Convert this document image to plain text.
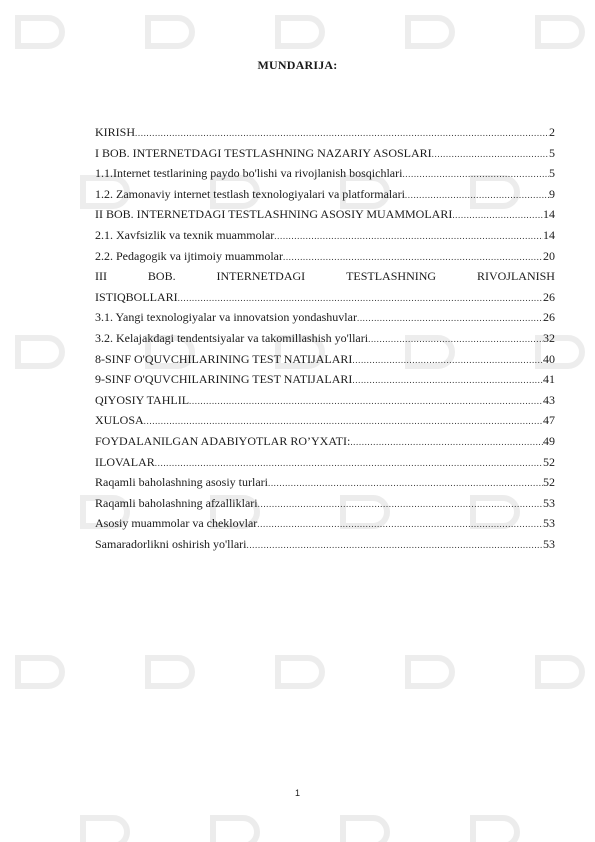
MUNDARIJA:
KIRISH .....	2
I BOB. INTERNETDAGI TESTLASHNING NAZARIY ASOSLARI .....	5
1.1.Internet testlarining paydo bo'lishi va rivojlanish bosqichlari .....	5
1.2. Zamonaviy internet testlash texnologiyalari va platformalari .....	9
II BOB. INTERNETDAGI TESTLASHNING ASOSIY MUAMMOLARI .....	14
2.1. Xavfsizlik va texnik muammolar .....	14
2.2. Pedagogik va ijtimoiy muammolar .....	20
III	BOB.	INTERNETDAGI	TESTLASHNING	RIVOJLANISH
ISTIQBOLLARI .....	26
3.1. Yangi texnologiyalar va innovatsion yondashuvlar .....	26
3.2. Kelajakdagi tendentsiyalar va takomillashish yo'llari .....	32
8-SINF O'QUVCHILARINING TEST NATIJALARI .....	40
9-SINF O'QUVCHILARINING TEST NATIJALARI .....	41
QIYOSIY TAHLIL .....	43
XULOSA .....	47
FOYDALANILGAN ADABIYOTLAR RO’YXATI: .....	49
ILOVALAR .....	52
Raqamli baholashning asosiy turlari .....	52
Raqamli baholashning afzalliklari .....	53
Asosiy muammolar va cheklovlar .....	53
Samaradorlikni oshirish yo'llari .....	53
1
